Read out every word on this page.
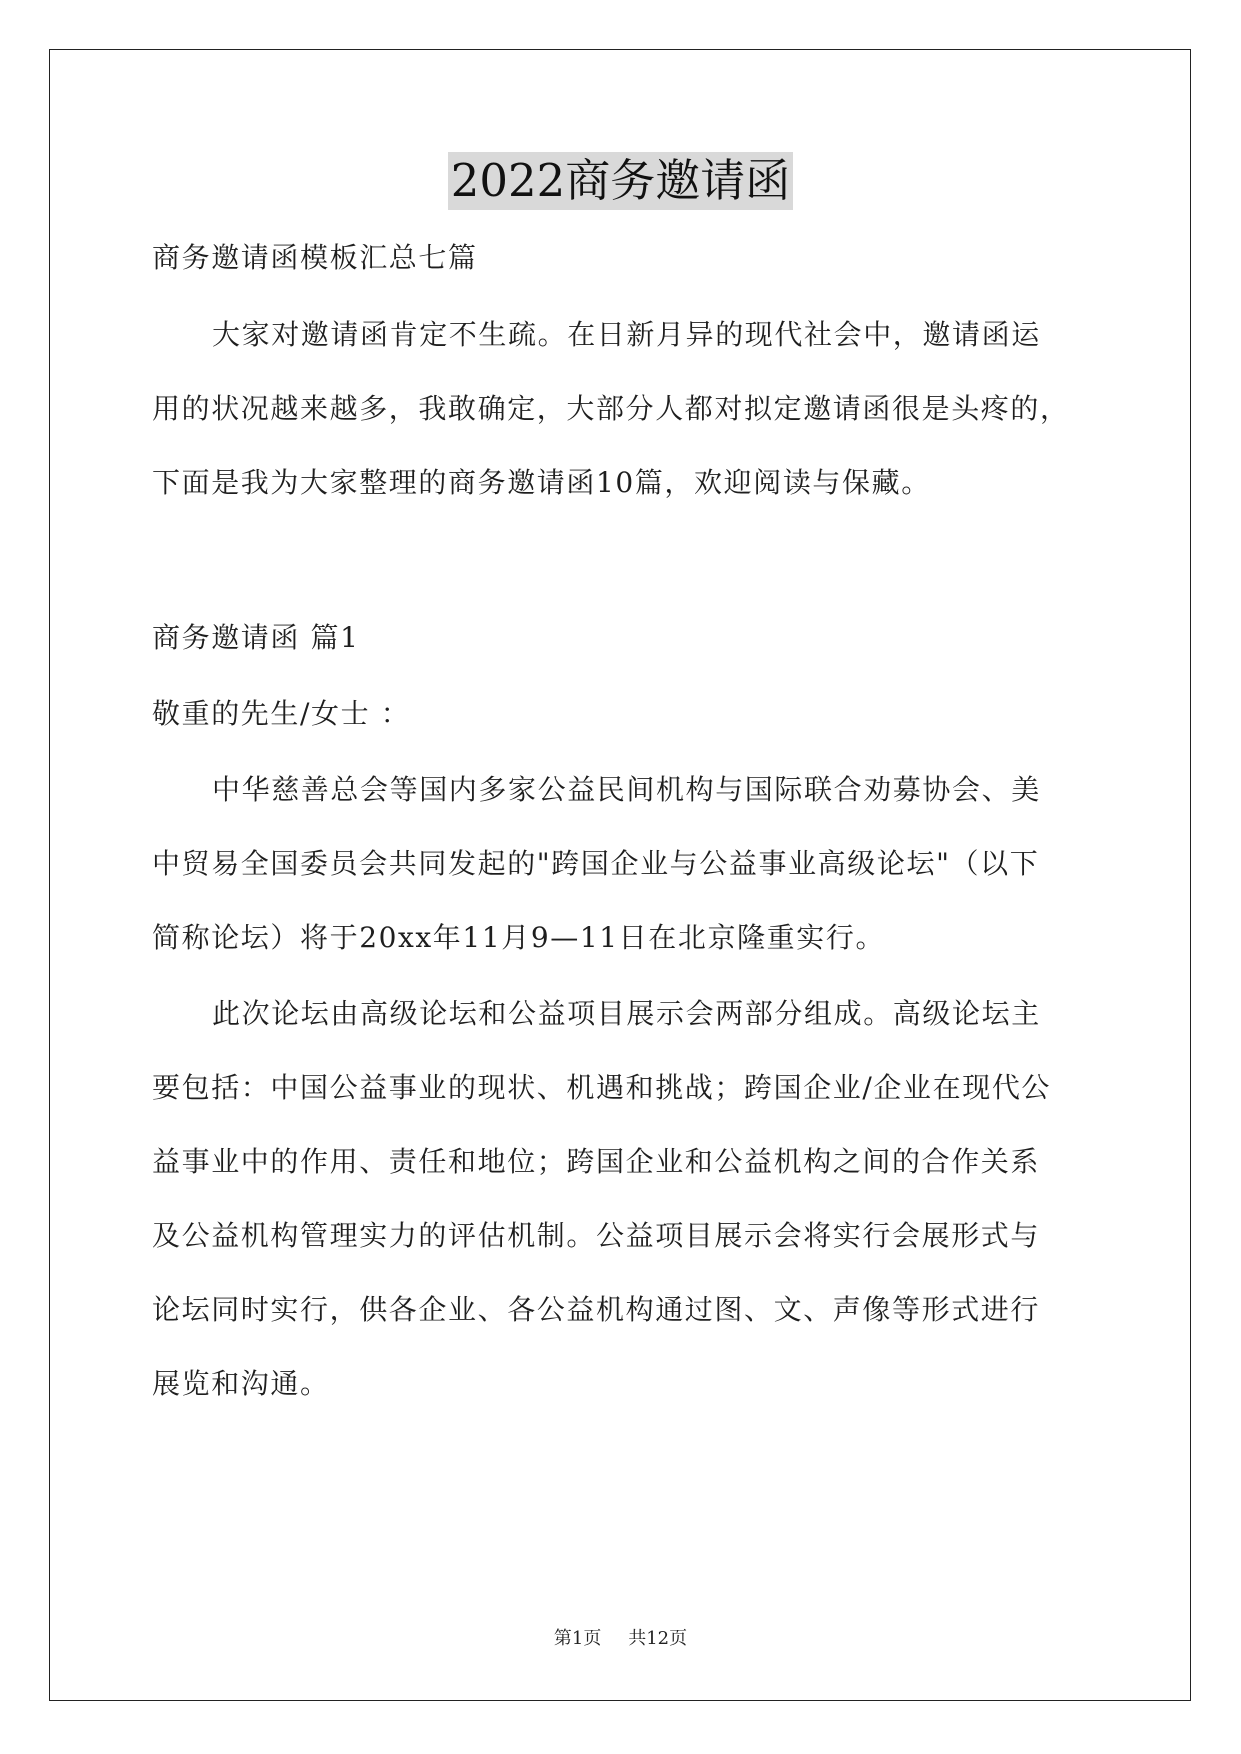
2022商务邀请函
商务邀请函模板汇总七篇
大家对邀请函肯定不生疏。在日新月异的现代社会中，邀请函运
用的状况越来越多，我敢确定，大部分人都对拟定邀请函很是头疼的，
下面是我为大家整理的商务邀请函10篇，欢迎阅读与保藏。
商务邀请函 篇1
敬重的先生/女士 ：
中华慈善总会等国内多家公益民间机构与国际联合劝募协会、美
中贸易全国委员会共同发起的"跨国企业与公益事业高级论坛"（以下
简称论坛）将于20xx年11月9—11日在北京隆重实行。
此次论坛由高级论坛和公益项目展示会两部分组成。高级论坛主
要包括：中国公益事业的现状、机遇和挑战；跨国企业/企业在现代公
益事业中的作用、责任和地位；跨国企业和公益机构之间的合作关系
及公益机构管理实力的评估机制。公益项目展示会将实行会展形式与
论坛同时实行，供各企业、各公益机构通过图、文、声像等形式进行
展览和沟通。
第1页 共12页
